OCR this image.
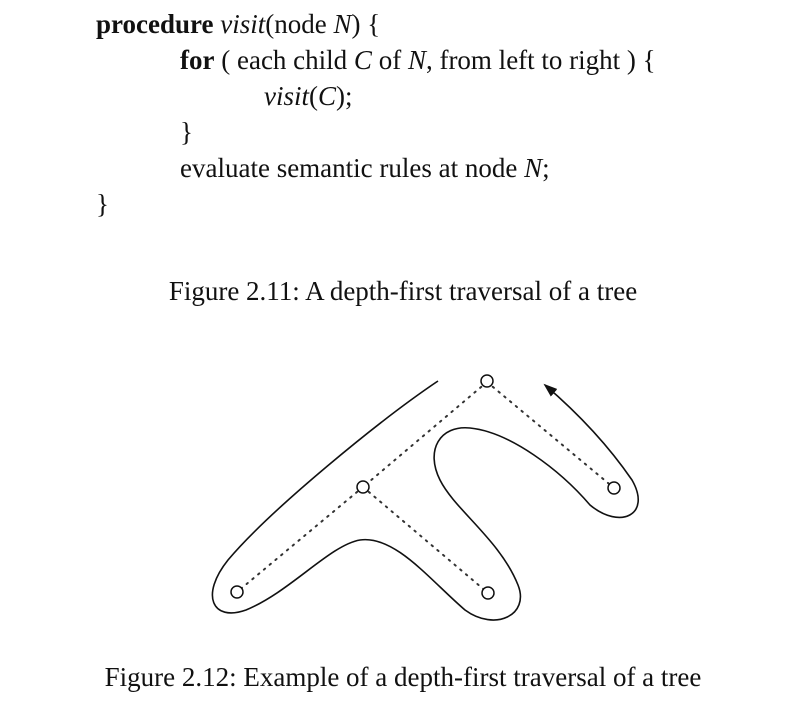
procedure visit(node N) {
for ( each child C of N, from left to right ) {
visit(C);
}
evaluate semantic rules at node N;
}
Figure 2.11: A depth-first traversal of a tree
Figure 2.12: Example of a depth-first traversal of a tree
